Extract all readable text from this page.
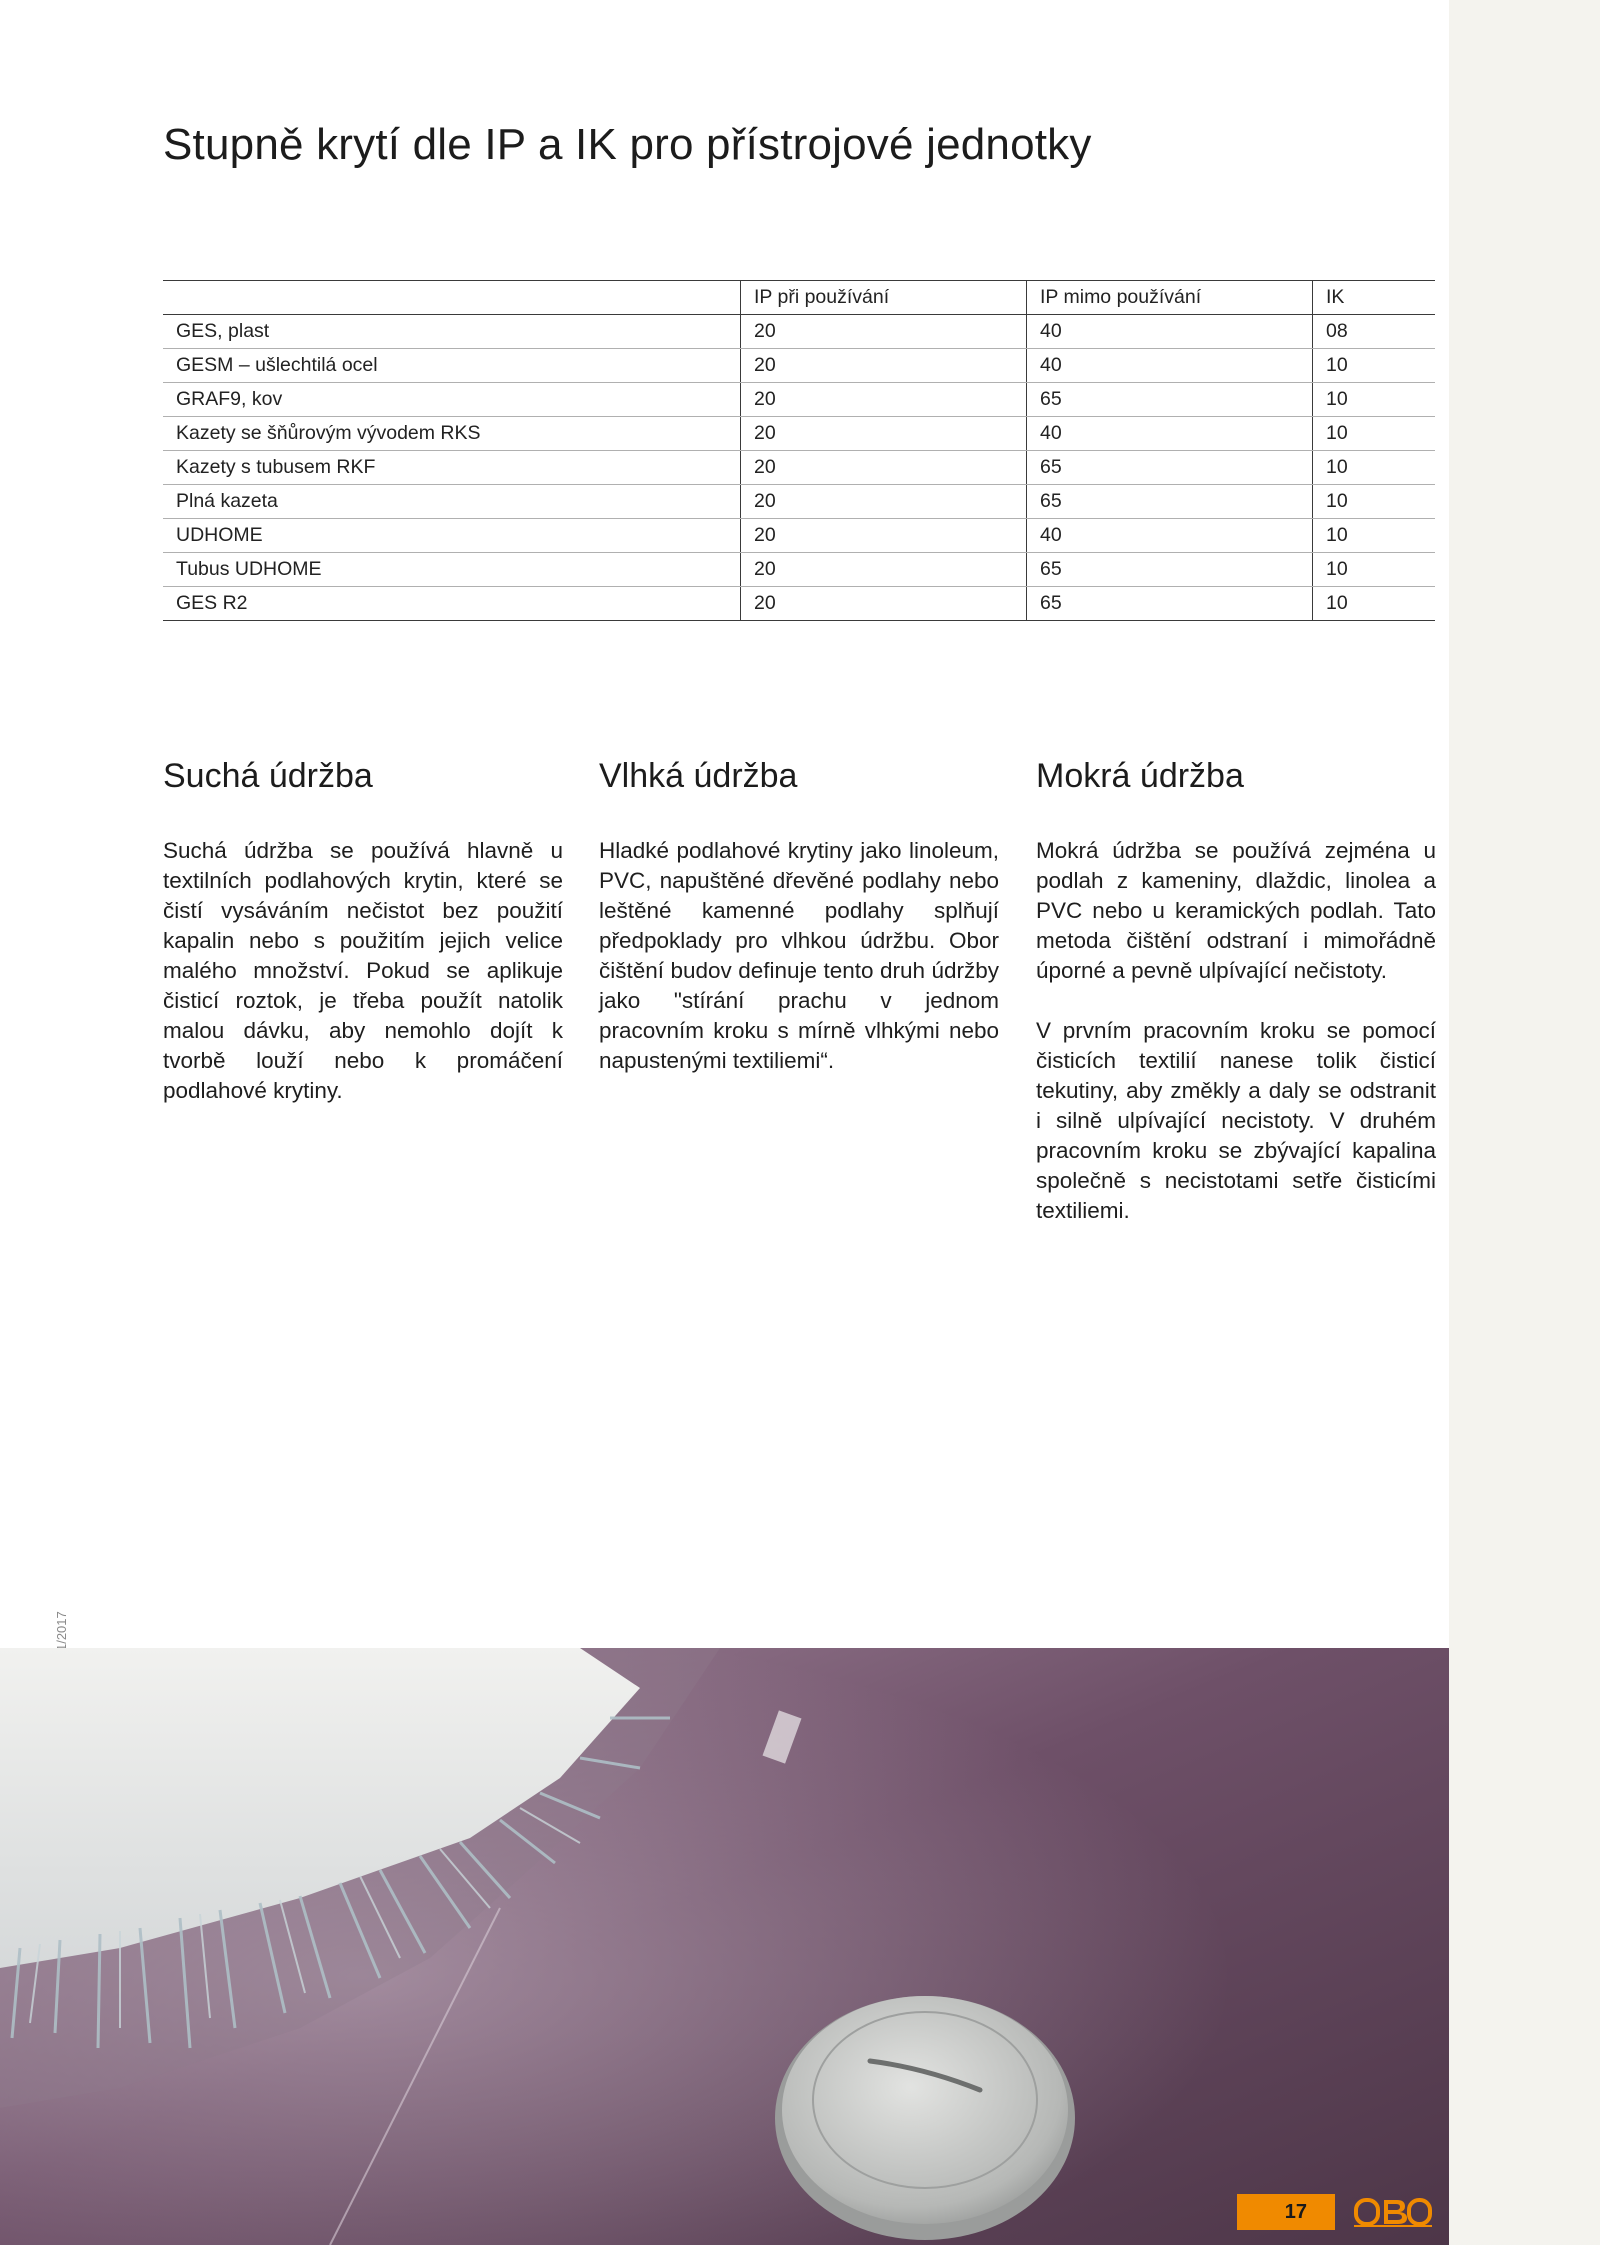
Stupně krytí dle IP a IK pro přístrojové jednotky
	IP při používání	IP mimo používání	IK
GES, plast	20	40	08
GESM – ušlechtilá ocel	20	40	10
GRAF9, kov	20	65	10
Kazety se šňůrovým vývodem RKS	20	40	10
Kazety s tubusem RKF	20	65	10
Plná kazeta	20	65	10
UDHOME	20	40	10
Tubus UDHOME	20	65	10
GES R2	20	65	10
Suchá údržba

Suchá údržba se používá hlavně u textilních podlahových krytin, které se čistí vysáváním nečistot bez použití kapalin nebo s použitím jejich velice malého množství. Pokud se aplikuje čisticí roztok, je třeba použít natolik malou dávku, aby nemohlo dojít k tvorbě louží nebo k promáčení podlahové krytiny.

Vlhká údržba

Hladké podlahové krytiny jako linoleum, PVC, napuštěné dřevěné podlahy nebo leštěné kamenné podlahy splňují předpoklady pro vlhkou údržbu. Obor čištění budov definuje tento druh údržby jako "stírání prachu v jednom pracovním kroku s mírně vlhkými nebo napustenými textiliemi“.

Mokrá údržba

Mokrá údržba se používá zejména u podlah z kameniny, dlaždic, linolea a PVC nebo u keramických podlah. Tato metoda čištění odstraní i mimořádně úporné a pevně ulpívající nečistoty.

V prvním pracovním kroku se pomocí čisticích textilií nanese tolik čisticí tekutiny, aby změkly a daly se odstranit i silně ulpívající necistoty. V druhém pracovním kroku se zbývající kapalina společně s necistotami setře čisticími textiliemi.

17
